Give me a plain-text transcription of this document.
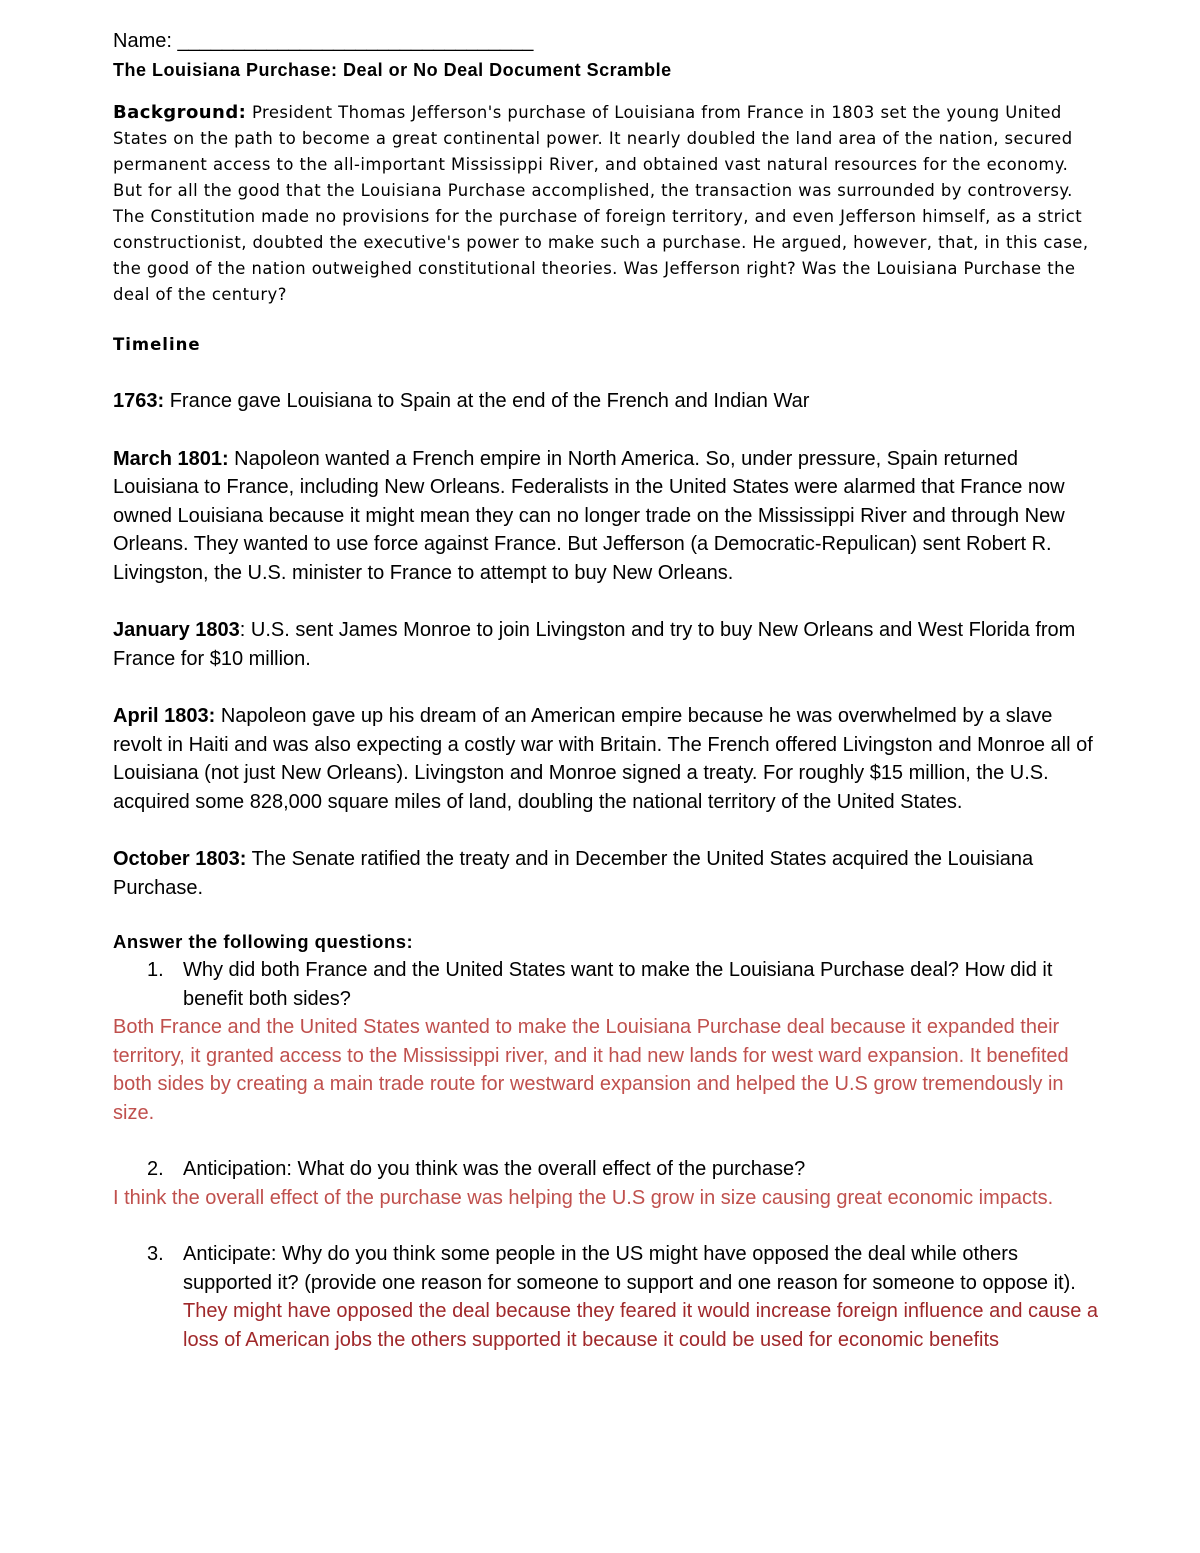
Name: ________________________________
The Louisiana Purchase: Deal or No Deal Document Scramble
Background: President Thomas Jefferson's purchase of Louisiana from France in 1803 set the young United States on the path to become a great continental power. It nearly doubled the land area of the nation, secured permanent access to the all-important Mississippi River, and obtained vast natural resources for the economy. But for all the good that the Louisiana Purchase accomplished, the transaction was surrounded by controversy. The Constitution made no provisions for the purchase of foreign territory, and even Jefferson himself, as a strict constructionist, doubted the executive's power to make such a purchase. He argued, however, that, in this case, the good of the nation outweighed constitutional theories. Was Jefferson right? Was the Louisiana Purchase the deal of the century?
Timeline
1763: France gave Louisiana to Spain at the end of the French and Indian War
March 1801: Napoleon wanted a French empire in North America. So, under pressure, Spain returned Louisiana to France, including New Orleans. Federalists in the United States were alarmed that France now owned Louisiana because it might mean they can no longer trade on the Mississippi River and through New Orleans. They wanted to use force against France. But Jefferson (a Democratic-Repulican) sent Robert R. Livingston, the U.S. minister to France to attempt to buy New Orleans.
January 1803: U.S. sent James Monroe to join Livingston and try to buy New Orleans and West Florida from France for $10 million.
April 1803: Napoleon gave up his dream of an American empire because he was overwhelmed by a slave revolt in Haiti and was also expecting a costly war with Britain. The French offered Livingston and Monroe all of Louisiana (not just New Orleans). Livingston and Monroe signed a treaty. For roughly $15 million, the U.S. acquired some 828,000 square miles of land, doubling the national territory of the United States.
October 1803: The Senate ratified the treaty and in December the United States acquired the Louisiana Purchase.
Answer the following questions:
1. Why did both France and the United States want to make the Louisiana Purchase deal? How did it benefit both sides?
Both France and the United States wanted to make the Louisiana Purchase deal because it expanded their territory, it granted access to the Mississippi river, and it had new lands for west ward expansion. It benefited both sides by creating a main trade route for westward expansion and helped the U.S grow tremendously in size.
2. Anticipation: What do you think was the overall effect of the purchase?
I think the overall effect of the purchase was helping the U.S grow in size causing great economic impacts.
3. Anticipate: Why do you think some people in the US might have opposed the deal while others supported it? (provide one reason for someone to support and one reason for someone to oppose it).
They might have opposed the deal because they feared it would increase foreign influence and cause a loss of American jobs the others supported it because it could be used for economic benefits
